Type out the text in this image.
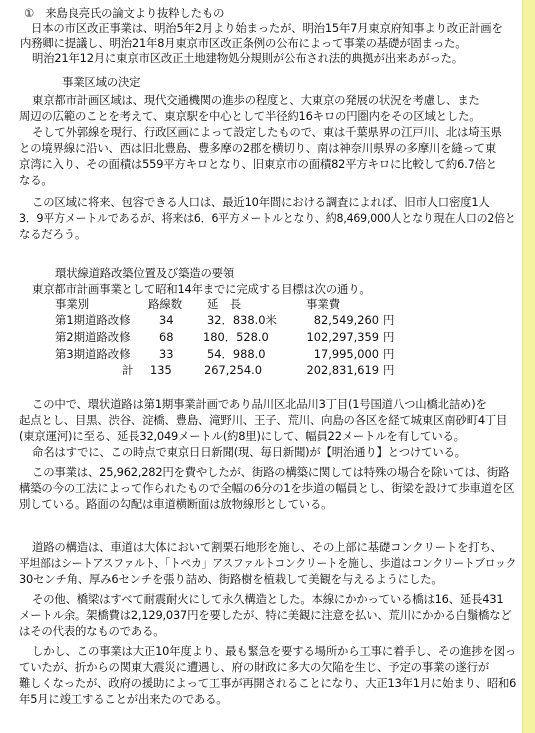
①　来島良亮氏の論文より抜粋したもの
日本の市区改正事業は、明治5年2月より始まったが、明治15年7月東京府知事より改正計画を
内務卿に提議し、明治21年8月東京市区改正条例の公布によって事業の基礎が固まった。
明治21年12月に東京市区改正土地建物処分規則が公布され法的典拠が出来あがった。
事業区域の決定
東京都市計画区域は、現代交通機関の進歩の程度と、大東京の発展の状況を考慮し、また
周辺の広範のことを考えて、東京駅を中心として半径約16キロの円圏内をその区域とした。
そして外郭線を現行、行政区画によって設定したもので、東は千葉県界の江戸川、北は埼玉県
との境界線に沿い、西は旧北豊島、豊多摩の2郡を横切り、南は神奈川県界の多摩川を縫って東
京湾に入り、その面積は559平方キロとなり、旧東京市の面積82平方キロに比較して約6.7倍と
なる。
この区域に将来、包容できる人口は、最近10年間における調査によれば、旧市人口密度1人
3．9平方メートルであるが、将来は6．6平方メートルとなり、約8,469,000人となり現在人口の2倍と
なるだろう。
環状線道路改築位置及び築造の要領
東京都市計画事業として昭和14年までに完成する目標は次の通り。
事業別	路線数 延　長	事業費
第1期道路改修 34	32．838.0米	82,549,260 円
第2期道路改修 68	180．528.0	102,297,359 円
第3期道路改修 33	54．988.0	17,995,000 円
計 135	267,254.0	202,831,619 円
この中で、環状道路は第1期事業計画であり品川区北品川3丁目(1号国道八つ山橋北詰め)を
起点とし、目黒、渋谷、淀橋、豊島、滝野川、王子、荒川、向島の各区を経て城東区南砂町4丁目
(東京運河)に至る、延長32,049メートル(約8里)にして、幅員22メートルを有している。
命名はすでに、この時点で東京日日新聞(現、毎日新聞)が【明治通り】とつけている。
この事業は、25,962,282円を費やしたが、街路の構築に関しては特殊の場合を除いては、街路
構築の今の工法によって作られたもので全幅の6分の1を歩道の幅員とし、街梁を設けて歩車道を区
別している。路面の勾配は車道横断面は放物線形としている。
道路の構造は、車道は大体において割栗石地形を施し、その上部に基礎コンクリートを打ち、
平坦部はシートアスファルト、「トペカ」アスファルトコンクリートを施し、歩道はコンクリートブロック
30センチ角、厚み6センチを張り詰め、街路樹を植栽して美観を与えるようにした。
その他、橋梁はすべて耐震耐火にして永久構造とした。本線にかかっている橋は16、延長431
メートル余。架橋費は2,129,037円を要したが、特に美観に注意を払い、荒川にかかる白鬚橋など
はその代表的なものである。
しかし、この事業は大正10年度より、最も緊急を要する場所から工事に着手し、その進捗を図っ
ていたが、折からの関東大震災に遭遇し、府の財政に多大の欠陥を生じ、予定の事業の遂行が
難しくなったが、政府の援助によって工事が再開されることになり、大正13年1月に始まり、昭和6
年5月に竣工することが出来たのである。
